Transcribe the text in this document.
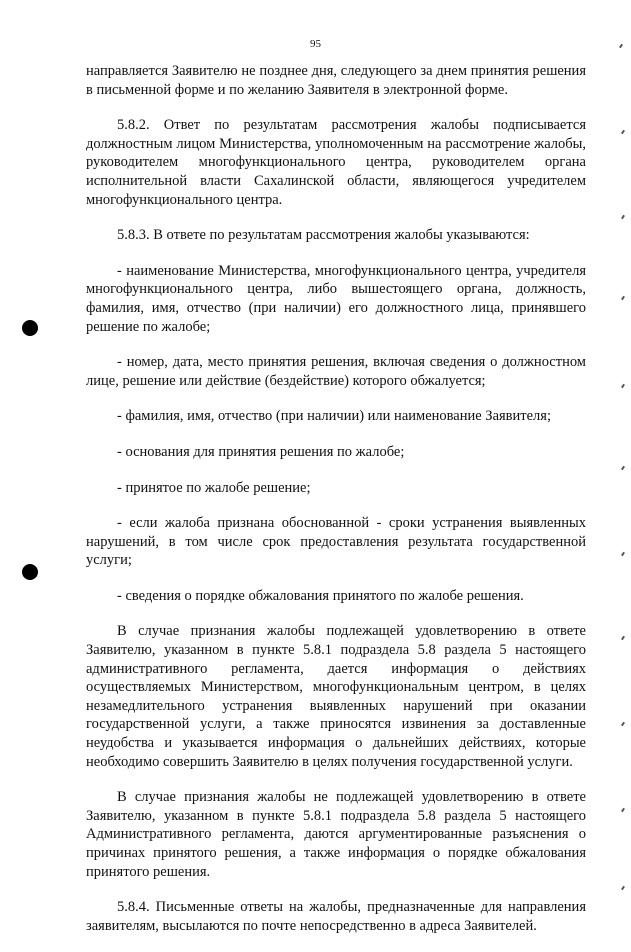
95

направляется Заявителю не позднее дня, следующего за днем принятия решения в письменной форме и по желанию Заявителя в электронной форме.

5.8.2. Ответ по результатам рассмотрения жалобы подписывается должностным лицом Министерства, уполномоченным на рассмотрение жалобы, руководителем многофункционального центра, руководителем органа исполнительной власти Сахалинской области, являющегося учредителем многофункционального центра.

5.8.3. В ответе по результатам рассмотрения жалобы указываются:

- наименование Министерства, многофункционального центра, учредителя многофункционального центра, либо вышестоящего органа, должность, фамилия, имя, отчество (при наличии) его должностного лица, принявшего решение по жалобе;

- номер, дата, место принятия решения, включая сведения о должностном лице, решение или действие (бездействие) которого обжалуется;

- фамилия, имя, отчество (при наличии) или наименование Заявителя;

- основания для принятия решения по жалобе;

- принятое по жалобе решение;

- если жалоба признана обоснованной - сроки устранения выявленных нарушений, в том числе срок предоставления результата государственной услуги;

- сведения о порядке обжалования принятого по жалобе решения.

В случае признания жалобы подлежащей удовлетворению в ответе Заявителю, указанном в пункте 5.8.1 подраздела 5.8 раздела 5 настоящего административного регламента, дается информация о действиях осуществляемых Министерством, многофункциональным центром, в целях незамедлительного устранения выявленных нарушений при оказании государственной услуги, а также приносятся извинения за доставленные неудобства и указывается информация о дальнейших действиях, которые необходимо совершить Заявителю в целях получения государственной услуги.

В случае признания жалобы не подлежащей удовлетворению в ответе Заявителю, указанном в пункте 5.8.1 подраздела 5.8 раздела 5 настоящего Административного регламента, даются аргументированные разъяснения о причинах принятого решения, а также информация о порядке обжалования принятого решения.

5.8.4. Письменные ответы на жалобы, предназначенные для направления заявителям, высылаются по почте непосредственно в адреса Заявителей.
